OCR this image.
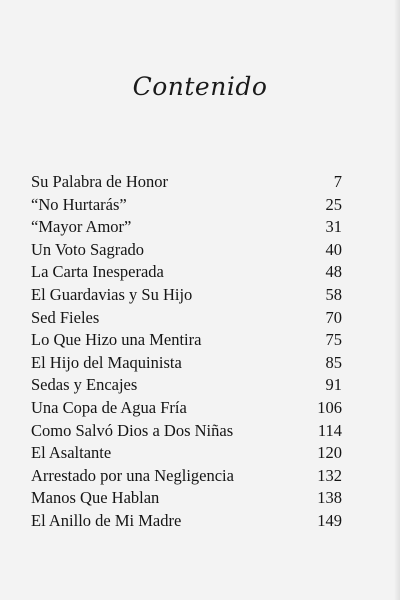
Contenido
Su Palabra de Honor	7
“No Hurtarás”	25
“Mayor Amor”	31
Un Voto Sagrado	40
La Carta Inesperada	48
El Guardavias y Su Hijo	58
Sed Fieles	70
Lo Que Hizo una Mentira	75
El Hijo del Maquinista	85
Sedas y Encajes	91
Una Copa de Agua Fría	106
Como Salvó Dios a Dos Niñas	114
El Asaltante	120
Arrestado por una Negligencia	132
Manos Que Hablan	138
El Anillo de Mi Madre	149
